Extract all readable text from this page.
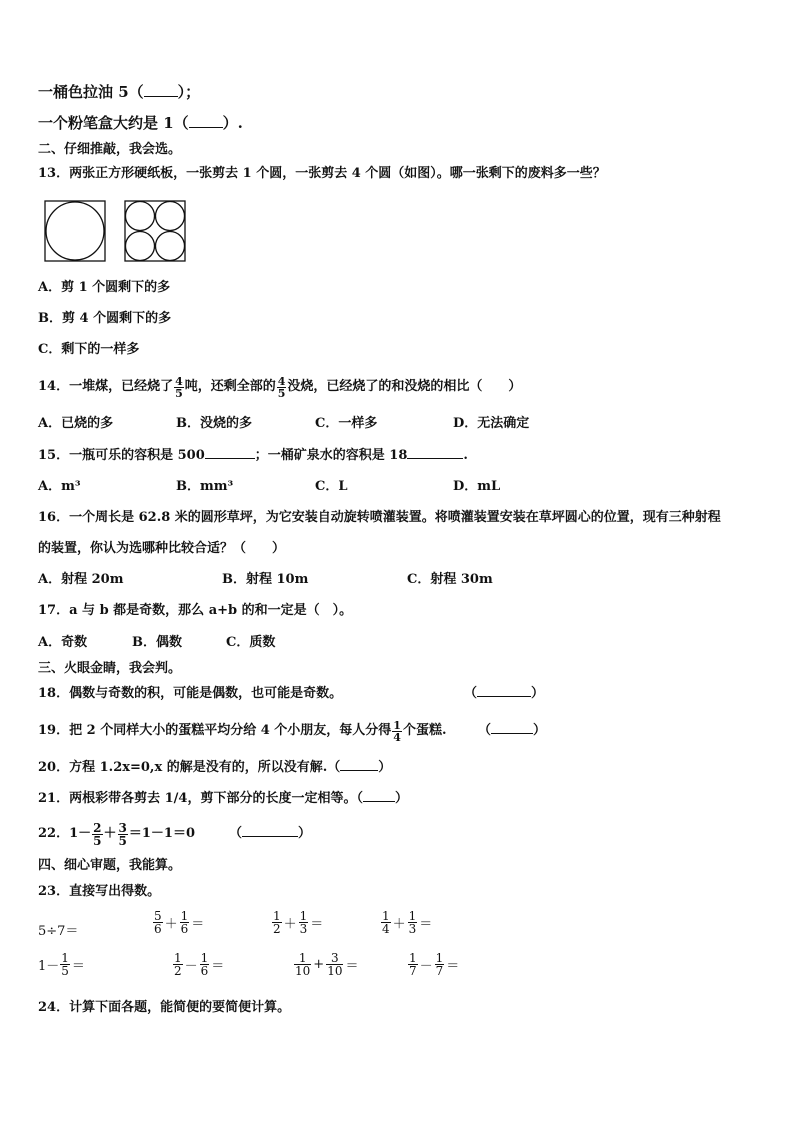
一桶色拉油 5（ ）；
一个粉笔盒大约是 1（ ）.
二、仔细推敲，我会选。
13．两张正方形硬纸板，一张剪去 1 个圆，一张剪去 4 个圆（如图）。哪一张剩下的废料多一些？
A．剪 1 个圆剩下的多
B．剪 4 个圆剩下的多
C．剩下的一样多
14．一堆煤，已经烧了 $\frac{4}{5}$ 吨，还剩全部的 $\frac{4}{5}$ 没烧，已经烧了的和没烧的相比（　　）
A．已烧的多	B．没烧的多	C．一样多	D．无法确定
15．一瓶可乐的容积是 500	；一桶矿泉水的容积是 18	.
A．m³	B．mm³	C．L	D．mL
16．一个周长是 62.8 米的圆形草坪，为它安装自动旋转喷灌装置。将喷灌装置安装在草坪圆心的位置，现有三种射程
的装置，你认为选哪种比较合适？（　　）
A．射程 20m	B．射程 10m	C．射程 30m
17．a 与 b 都是奇数，那么 a+b 的和一定是（　）。
A．奇数	B．偶数	C．质数
三、火眼金睛，我会判。
18．偶数与奇数的积，可能是偶数，也可能是奇数。	（	）
19．把 2 个同样大小的蛋糕平均分给 4 个小朋友，每人分得 $\frac{1}{4}$ 个蛋糕. （	）
20．方程 1.2x=0,x 的解是没有的，所以没有解.（	）
21．两根彩带各剪去 1/4，剪下部分的长度一定相等。（ ）
22．$1- \frac{2}{5} + \frac{3}{5} =1-1=0$	（	）
四、细心审题，我能算。
23．直接写出得数。
5÷7＝	$\frac{5}{6} + \frac{1}{6}$ ＝	$\frac{1}{2} + \frac{1}{3}$ ＝	$\frac{1}{4} + \frac{1}{3}$ ＝
$1- \frac{1}{5}$ ＝	$\frac{1}{2} - \frac{1}{6}$ ＝	$\frac{1}{10} + \frac{3}{10}$ ＝	$\frac{1}{7} - \frac{1}{7}$ ＝
24．计算下面各题，能简便的要简便计算。
